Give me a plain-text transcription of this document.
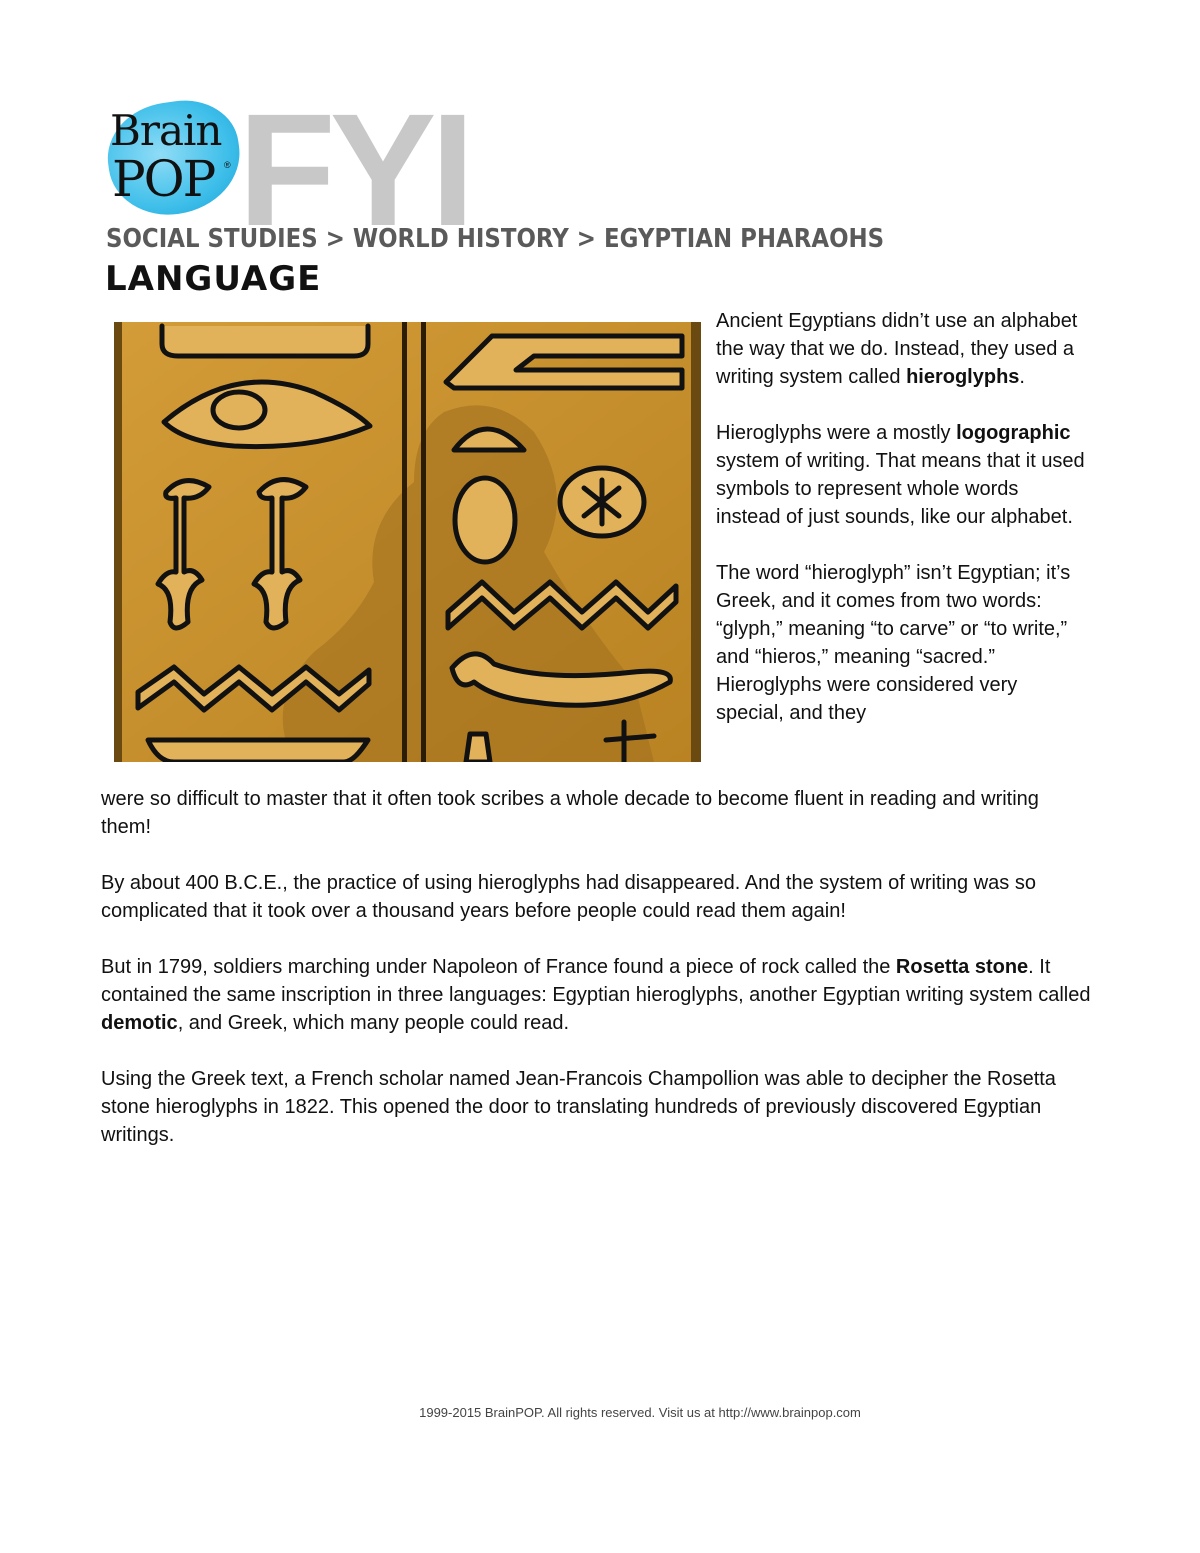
Brain
POP ® FYI
SOCIAL STUDIES > WORLD HISTORY > EGYPTIAN PHARAOHS
LANGUAGE

Ancient Egyptians didn’t use an alphabet the way that we do. Instead, they used a writing system called hieroglyphs.

Hieroglyphs were a mostly logographic system of writing. That means that it used symbols to represent whole words instead of just sounds, like our alphabet.

The word “hieroglyph” isn’t Egyptian; it’s Greek, and it comes from two words: “glyph,” meaning “to carve” or “to write,” and “hieros,” meaning “sacred.” Hieroglyphs were considered very special, and they

were so difficult to master that it often took scribes a whole decade to become fluent in reading and writing them!

By about 400 B.C.E., the practice of using hieroglyphs had disappeared. And the system of writing was so complicated that it took over a thousand years before people could read them again!

But in 1799, soldiers marching under Napoleon of France found a piece of rock called the Rosetta stone. It contained the same inscription in three languages: Egyptian hieroglyphs, another Egyptian writing system called demotic, and Greek, which many people could read.

Using the Greek text, a French scholar named Jean-Francois Champollion was able to decipher the Rosetta stone hieroglyphs in 1822. This opened the door to translating hundreds of previously discovered Egyptian writings.

1999-2015 BrainPOP. All rights reserved. Visit us at http://www.brainpop.com
